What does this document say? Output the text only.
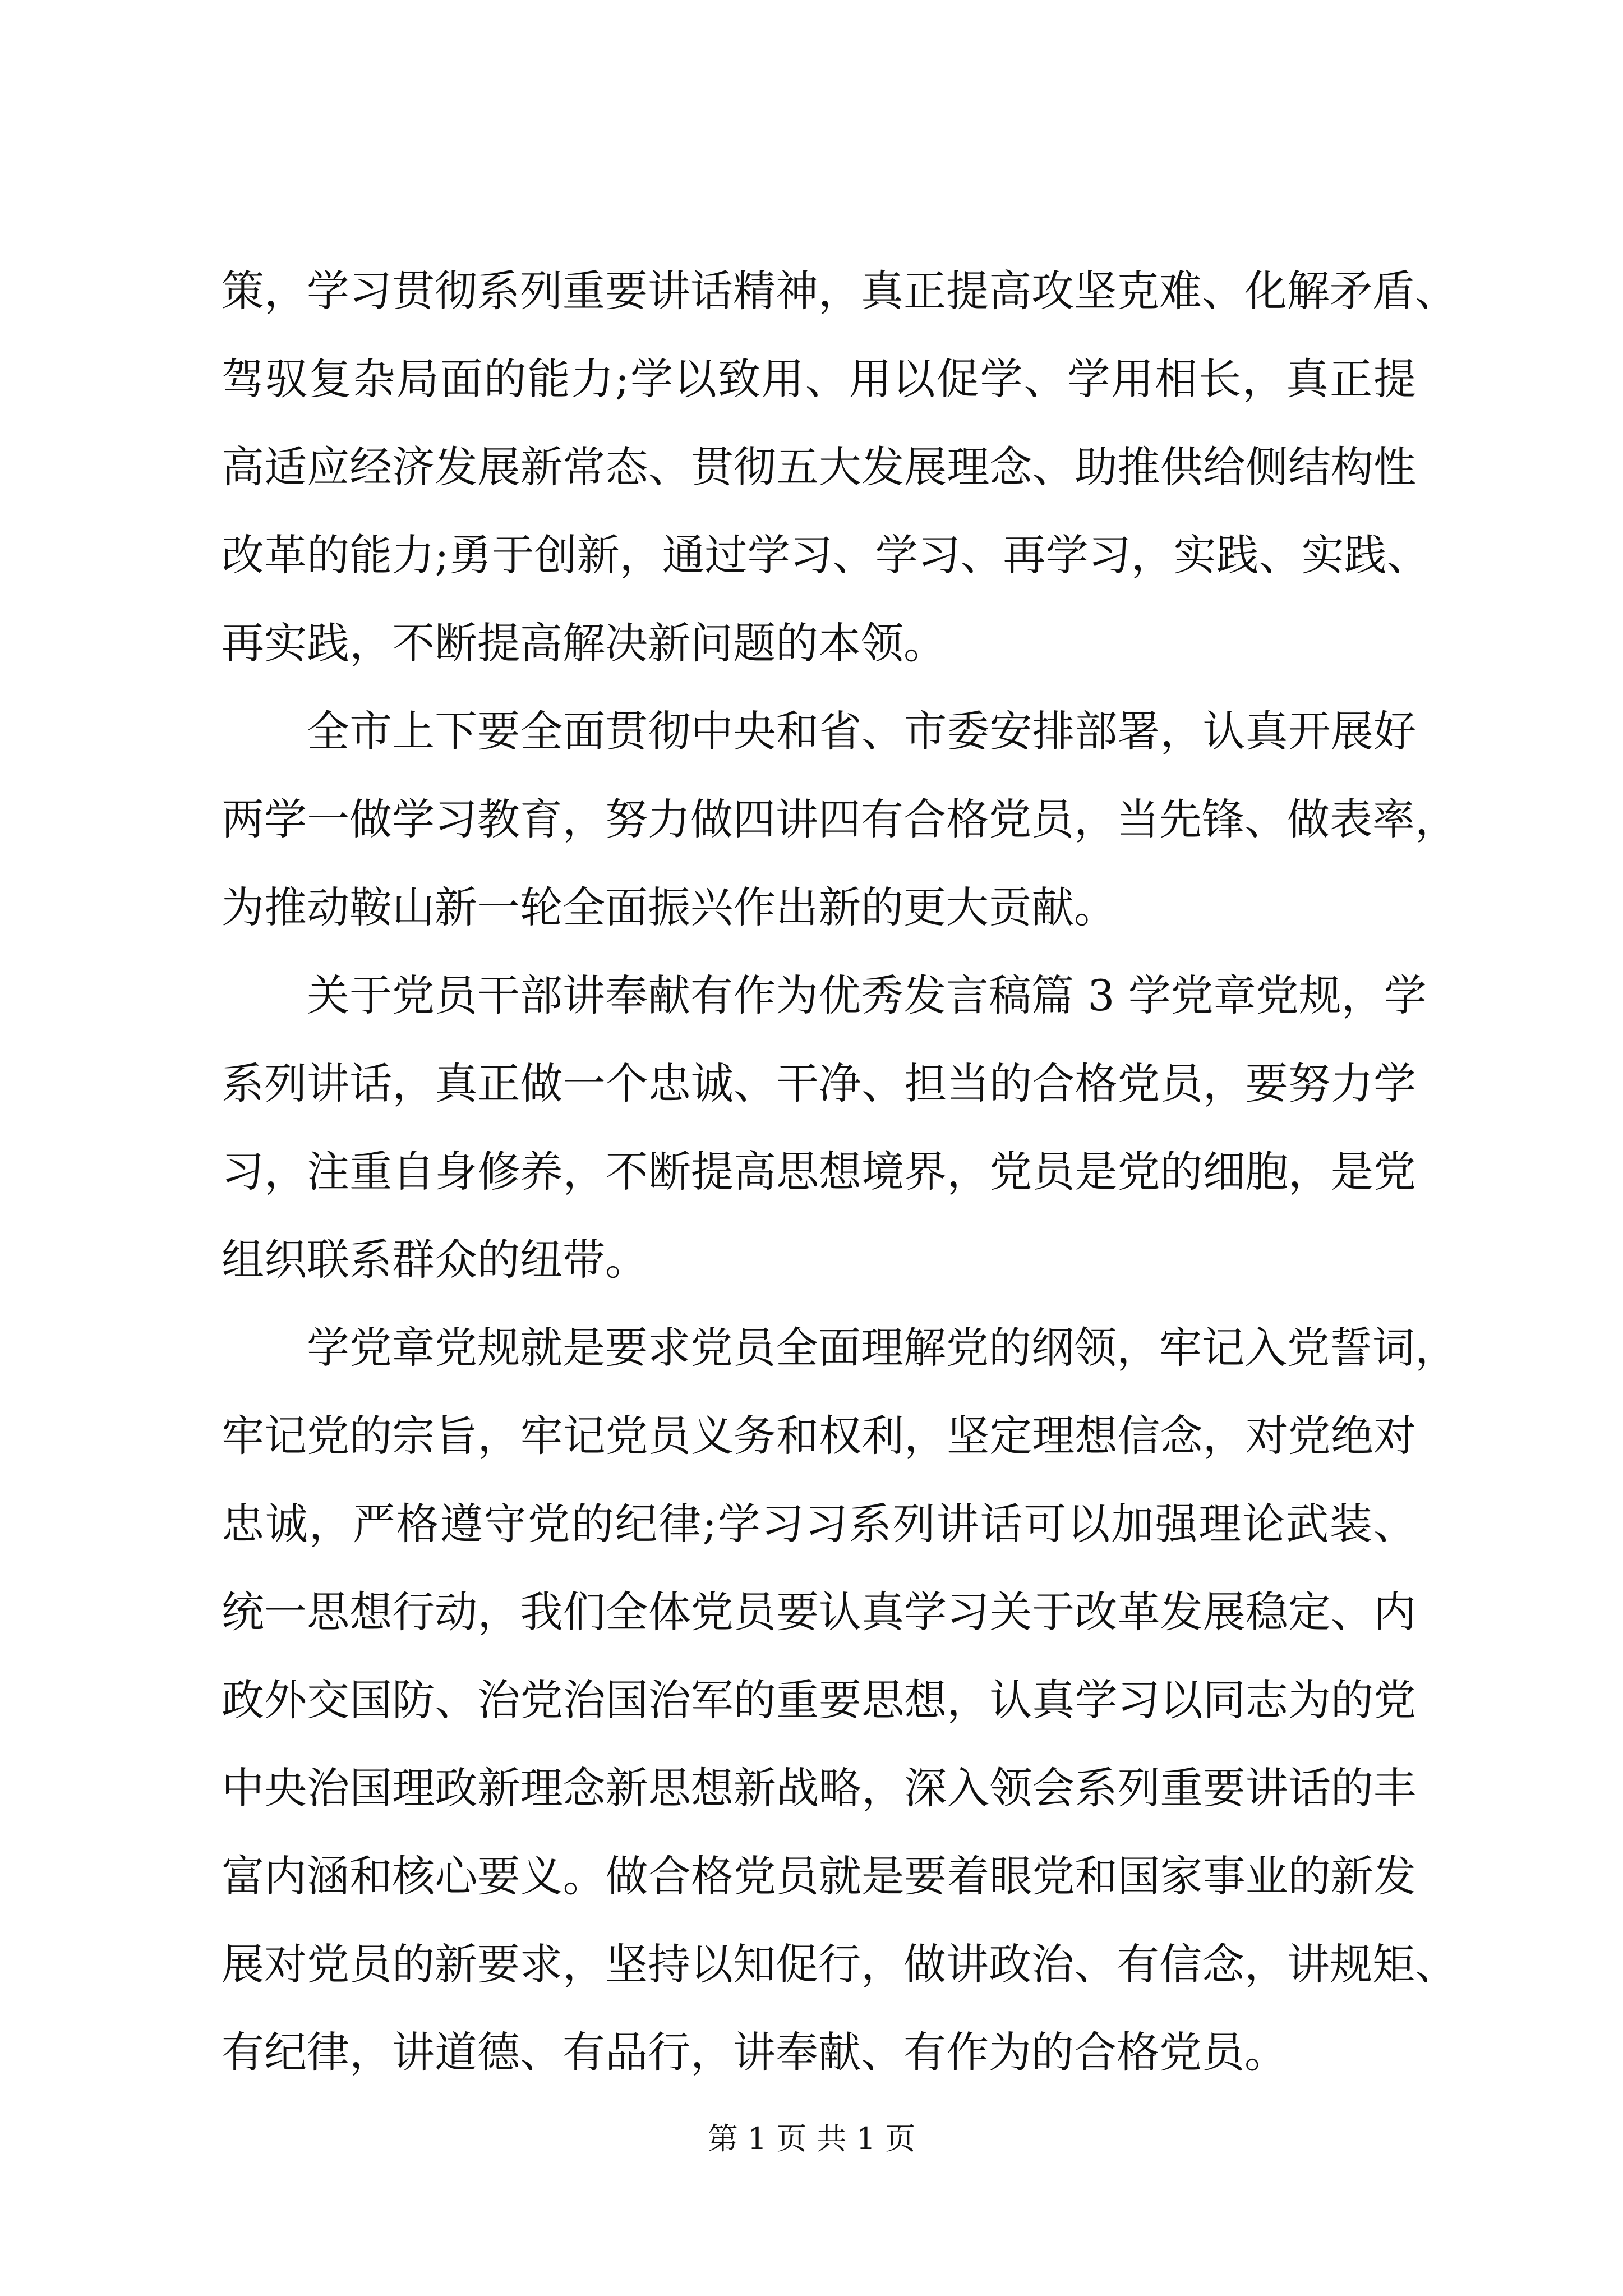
策，学习贯彻系列重要讲话精神，真正提高攻坚克难、化解矛盾、
驾驭复杂局面的能力;学以致用、用以促学、学用相长，真正提
高适应经济发展新常态、贯彻五大发展理念、助推供给侧结构性
改革的能力;勇于创新，通过学习、学习、再学习，实践、实践、
再实践，不断提高解决新问题的本领。
全市上下要全面贯彻中央和省、市委安排部署，认真开展好
两学一做学习教育，努力做四讲四有合格党员，当先锋、做表率，
为推动鞍山新一轮全面振兴作出新的更大贡献。
关于党员干部讲奉献有作为优秀发言稿篇 3 学党章党规，学
系列讲话，真正做一个忠诚、干净、担当的合格党员，要努力学
习，注重自身修养，不断提高思想境界，党员是党的细胞，是党
组织联系群众的纽带。
学党章党规就是要求党员全面理解党的纲领，牢记入党誓词，
牢记党的宗旨，牢记党员义务和权利，坚定理想信念，对党绝对
忠诚，严格遵守党的纪律;学习习系列讲话可以加强理论武装、
统一思想行动，我们全体党员要认真学习关于改革发展稳定、内
政外交国防、治党治国治军的重要思想，认真学习以同志为的党
中央治国理政新理念新思想新战略，深入领会系列重要讲话的丰
富内涵和核心要义。做合格党员就是要着眼党和国家事业的新发
展对党员的新要求，坚持以知促行，做讲政治、有信念，讲规矩、
有纪律，讲道德、有品行，讲奉献、有作为的合格党员。
第 1 页 共 1 页
